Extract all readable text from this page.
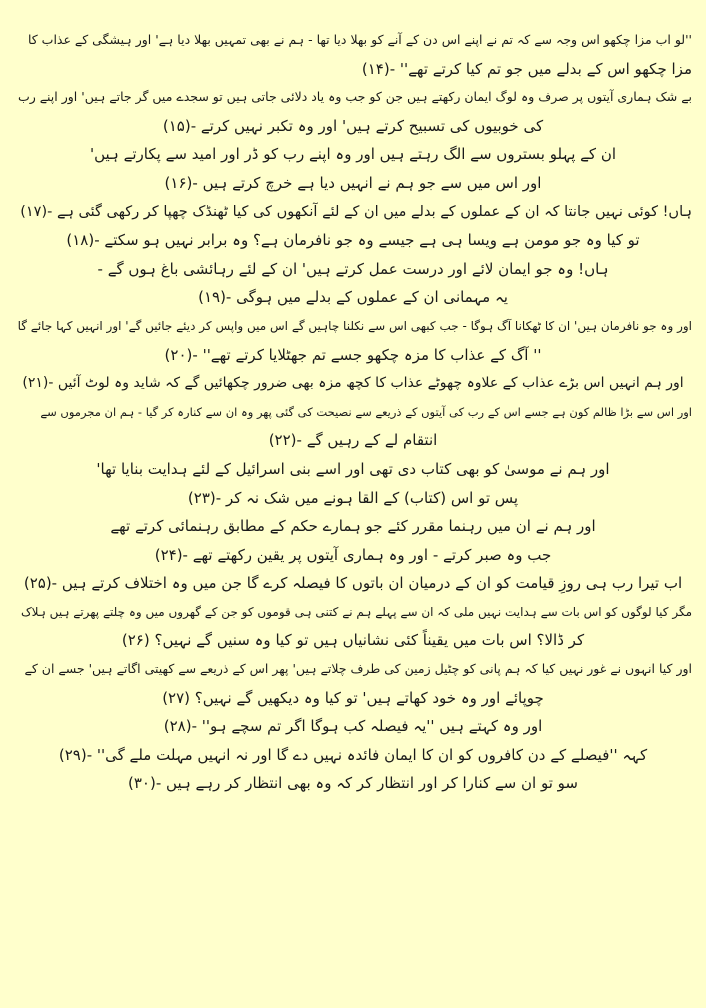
''لو اب مزا چکھو اس وجہ سے کہ تم نے اپنے اس دن کے آنے کو بھلا دیا تھا - ہم نے بھی تمہیں بھلا دیا ہے' اور ہیشگی کے عذاب کا
مزا چکھو اس کے بدلے میں جو تم کیا کرتے تھے'' -(۱۴)
بے شک ہماری آیتوں پر صرف وہ لوگ ایمان رکھتے ہیں جن کو جب وہ یاد دلائی جاتی ہیں تو سجدے میں گر جاتے ہیں' اور اپنے رب
کی خوبیوں کی تسبیح کرتے ہیں' اور وہ تکبر نہیں کرتے -(۱۵)
ان کے پہلو بستروں سے الگ رہتے ہیں اور وہ اپنے رب کو ڈر اور امید سے پکارتے ہیں'
اور اس میں سے جو ہم نے انہیں دیا ہے خرچ کرتے ہیں -(۱۶)
ہاں! کوئی نہیں جانتا کہ ان کے عملوں کے بدلے میں ان کے لئے آنکھوں کی کیا ٹھنڈک چھپا کر رکھی گئی ہے -(۱۷)
تو کیا وہ جو مومن ہے ویسا ہی ہے جیسے وہ جو نافرمان ہے؟ وہ برابر نہیں ہو سکتے -(۱۸)
ہاں! وہ جو ایمان لائے اور درست عمل کرتے ہیں' ان کے لئے رہائشی باغ ہوں گے -
یہ مہمانی ان کے عملوں کے بدلے میں ہوگی -(۱۹)
اور وہ جو نافرمان ہیں' ان کا ٹھکانا آگ ہوگا - جب کبھی اس سے نکلنا چاہیں گے اس میں واپس کر دیئے جائیں گے' اور انہیں کہا جائے گا
'' آگ کے عذاب کا مزہ چکھو جسے تم جھٹلایا کرتے تھے'' -(۲۰)
اور ہم انہیں اس بڑے عذاب کے علاوہ چھوٹے عذاب کا کچھ مزہ بھی ضرور چکھائیں گے کہ شاید وہ لوٹ آئیں -(۲۱)
اور اس سے بڑا ظالم کون ہے جسے اس کے رب کی آیتوں کے ذریعے سے نصیحت کی گئی پھر وہ ان سے کنارہ کر گیا - ہم ان مجرموں سے
انتقام لے کے رہیں گے -(۲۲)
اور ہم نے موسیٰ کو بھی کتاب دی تھی اور اسے بنی اسرائیل کے لئے ہدایت بنایا تھا'
پس تو اس (کتاب) کے القا ہونے میں شک نہ کر -(۲۳)
اور ہم نے ان میں رہنما مقرر کئے جو ہمارے حکم کے مطابق رہنمائی کرتے تھے
جب وہ صبر کرتے - اور وہ ہماری آیتوں پر یقین رکھتے تھے -(۲۴)
اب تیرا رب ہی روزِ قیامت کو ان کے درمیان ان باتوں کا فیصلہ کرے گا جن میں وہ اختلاف کرتے ہیں -(۲۵)
مگر کیا لوگوں کو اس بات سے ہدایت نہیں ملی کہ ان سے پہلے ہم نے کتنی ہی قوموں کو جن کے گھروں میں وہ چلتے پھرتے ہیں ہلاک
کر ڈالا؟ اس بات میں یقیناً کئی نشانیاں ہیں تو کیا وہ سنیں گے نہیں؟ (۲۶)
اور کیا انہوں نے غور نہیں کیا کہ ہم پانی کو چٹیل زمین کی طرف چلاتے ہیں' پھر اس کے ذریعے سے کھیتی اگاتے ہیں' جسے ان کے
چوپائے اور وہ خود کھاتے ہیں' تو کیا وہ دیکھیں گے نہیں؟ (۲۷)
اور وہ کہتے ہیں ''یہ فیصلہ کب ہوگا اگر تم سچے ہو'' -(۲۸)
کہہ ''فیصلے کے دن کافروں کو ان کا ایمان فائدہ نہیں دے گا اور نہ انہیں مہلت ملے گی'' -(۲۹)
سو تو ان سے کنارا کر اور انتظار کر کہ وہ بھی انتظار کر رہے ہیں -(۳۰)
